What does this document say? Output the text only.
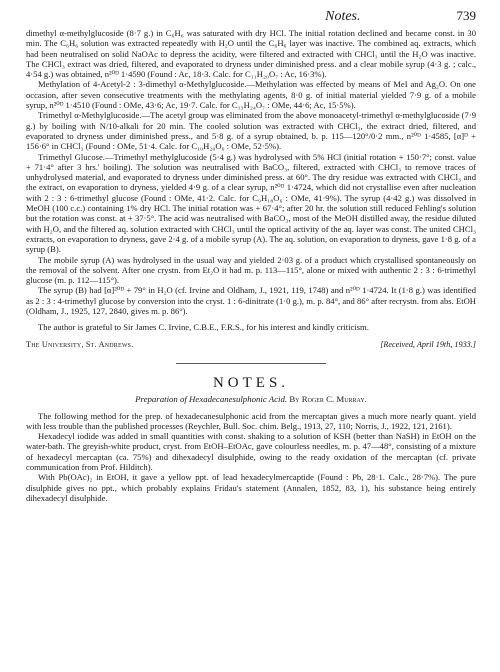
Notes.	739

dimethyl α-methylglucoside (8·7 g.) in C₆H₆ was saturated with dry HCl. The initial rotation declined and became const. in 30 min. The C₆H₆ solution was extracted repeatedly with H₂O until the C₆H₆ layer was inactive. The combined aq. extracts, which had been neutralised on solid NaOAc to depress the acidity, were filtered and extracted with CHCl₃ until the H₂O was inactive. The CHCl₃ extract was dried, filtered, and evaporated to dryness under diminished press. and a clear mobile syrup (4·3 g. ; calc., 4·54 g.) was obtained, n²⁰ᴰ 1·4590 (Found : Ac, 18·3. Calc. for C₁₁H₂₀O₇ : Ac, 16·3%).

Methylation of 4-Acetyl-2 : 3-dimethyl α-Methylglucoside.—Methylation was effected by means of MeI and Ag₂O. On one occasion, after seven consecutive treatments with the methylating agents, 8·0 g. of initial material yielded 7·9 g. of a mobile syrup, n²⁰ᴰ 1·4510 (Found : OMe, 43·6; Ac, 19·7. Calc. for C₁₃H₂₄O₇ : OMe, 44·6; Ac, 15·5%).

Trimethyl α-Methylglucoside.—The acetyl group was eliminated from the above monoacetyl-trimethyl α-methylglucoside (7·9 g.) by boiling with N/10-alkali for 20 min. The cooled solution was extracted with CHCl₃, the extract dried, filtered, and evaporated to dryness under diminished press., and 5·8 g. of a syrup obtained, b. p. 115—120°/0·2 mm., n²⁰ᴰ 1·4585, [α]ᴰ + 156·6° in CHCl₃ (Found : OMe, 51·4. Calc. for C₁₀H₂₀O₆ : OMe, 52·5%).

Trimethyl Glucose.—Trimethyl methylglucoside (5·4 g.) was hydrolysed with 5% HCl (initial rotation + 150·7°; const. value + 71·4° after 3 hrs.' boiling). The solution was neutralised with BaCO₃, filtered, extracted with CHCl₃ to remove traces of unhydrolysed material, and evaporated to dryness under diminished press. at 60°. The dry residue was extracted with CHCl₃ and the extract, on evaporation to dryness, yielded 4·9 g. of a clear syrup, n²⁰ᴰ 1·4724, which did not crystallise even after nucleation with 2 : 3 : 6-trimethyl glucose (Found : OMe, 41·2. Calc. for C₉H₁₈O₆ : OMe, 41·9%). The syrup (4·42 g.) was dissolved in MeOH (100 c.c.) containing 1% dry HCl. The initial rotation was + 67·4°; after 20 hr. the solution still reduced Fehling's solution but the rotation was const. at + 37·5°. The acid was neutralised with BaCO₃, most of the MeOH distilled away, the residue diluted with H₂O, and the filtered aq. solution extracted with CHCl₃ until the optical activity of the aq. layer was const. The united CHCl₃ extracts, on evaporation to dryness, gave 2·4 g. of a mobile syrup (A). The aq. solution, on evaporation to dryness, gave 1·8 g. of a syrup (B).

The mobile syrup (A) was hydrolysed in the usual way and yielded 2·03 g. of a product which crystallised spontaneously on the removal of the solvent. After one crystn. from Et₂O it had m. p. 113—115°, alone or mixed with authentic 2 : 3 : 6-trimethyl glucose (m. p. 112—115°).

The syrup (B) had [α]²⁰ᴰ + 79° in H₂O (cf. Irvine and Oldham, J., 1921, 119, 1748) and n²⁰ᴰ 1·4724. It (1·8 g.) was identified as 2 : 3 : 4-trimethyl glucose by conversion into the cryst. 1 : 6-dinitrate (1·0 g.), m. p. 84°, and 86° after recrystn. from abs. EtOH (Oldham, J., 1925, 127, 2840, gives m. p. 86°).

The author is grateful to Sir James C. Irvine, C.B.E., F.R.S., for his interest and kindly criticism.

The University, St. Andrews.	[Received, April 19th, 1933.]
NOTES.
Preparation of Hexadecanesulphonic Acid. By Roger C. Murray.

The following method for the prep. of hexadecanesulphonic acid from the mercaptan gives a much more nearly quant. yield with less trouble than the published processes (Reychler, Bull. Soc. chim. Belg., 1913, 27, 110; Norris, J., 1922, 121, 2161).

Hexadecyl iodide was added in small quantities with const. shaking to a solution of KSH (better than NaSH) in EtOH on the water-bath. The greyish-white product, cryst. from EtOH–EtOAc, gave colourless needles, m. p. 47—48°, consisting of a mixture of hexadecyl mercaptan (ca. 75%) and dihexadecyl disulphide, owing to the ready oxidation of the mercaptan (cf. private communication from Prof. Hilditch).

With Pb(OAc)₂ in EtOH, it gave a yellow ppt. of lead hexadecylmercaptide (Found : Pb, 28·1. Calc., 28·7%). The pure disulphide gives no ppt., which probably explains Fridau's statement (Annalen, 1852, 83, 1), his substance being entirely dihexadecyl disulphide.
